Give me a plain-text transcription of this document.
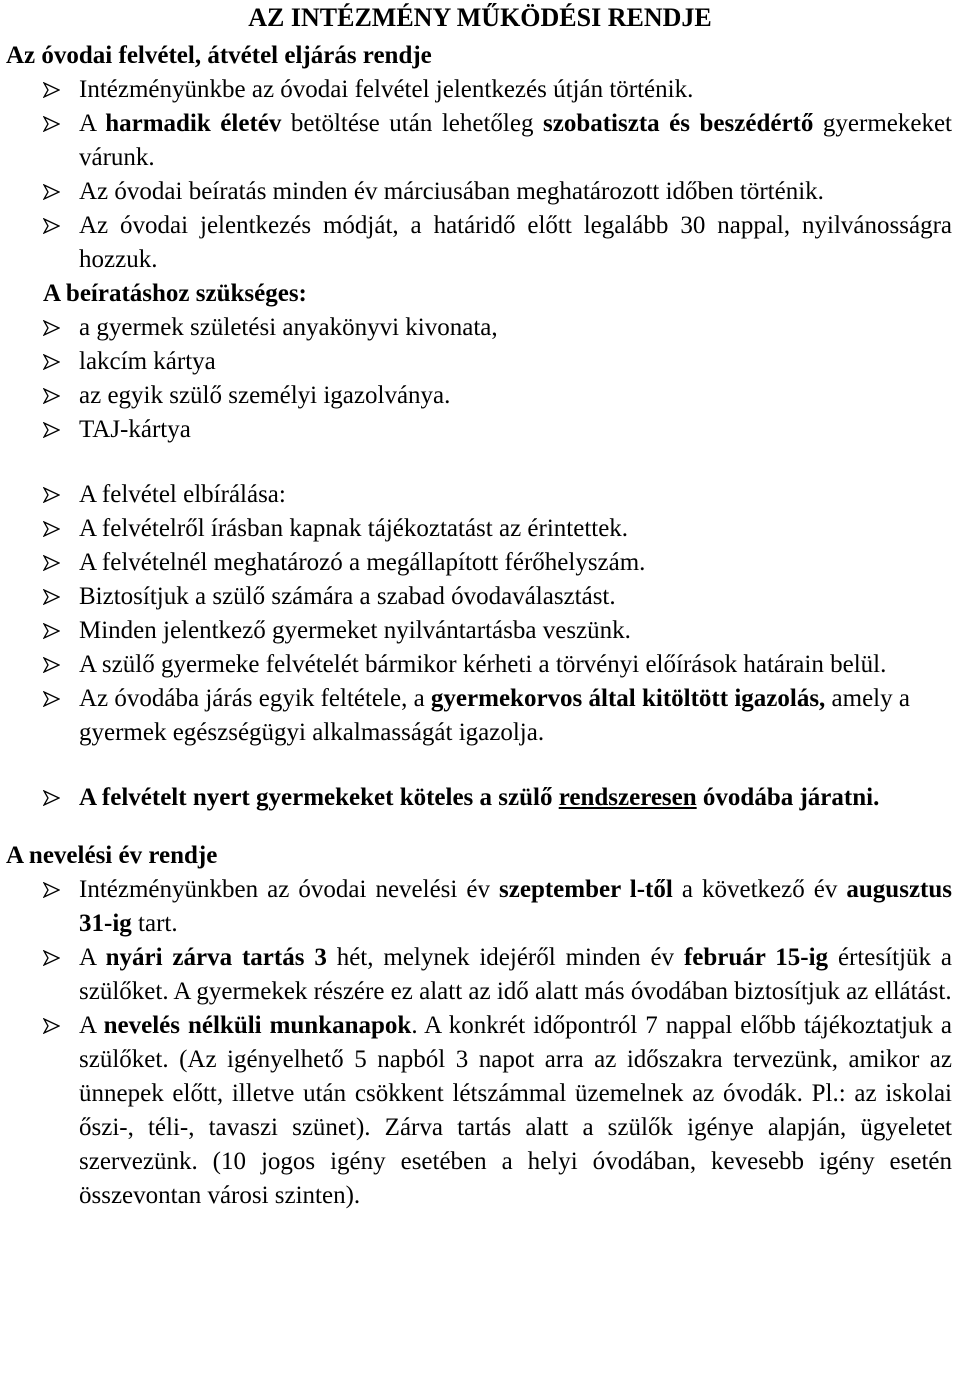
AZ INTÉZMÉNY MŰKÖDÉSI RENDJE

Az óvodai felvétel, átvétel eljárás rendje

Intézményünkbe az óvodai felvétel jelentkezés útján történik.
A harmadik életév betöltése után lehetőleg szobatiszta és beszédértő gyermekeket várunk.
Az óvodai beíratás minden év márciusában meghatározott időben történik.
Az óvodai jelentkezés módját, a határidő előtt legalább 30 nappal, nyilvánosságra hozzuk.

A beíratáshoz szükséges:

a gyermek születési anyakönyvi kivonata,
lakcím kártya
az egyik szülő személyi igazolványa.
TAJ-kártya
A felvétel elbírálása:
A felvételről írásban kapnak tájékoztatást az érintettek.
A felvételnél meghatározó a megállapított férőhelyszám.
Biztosítjuk a szülő számára a szabad óvodaválasztást.
Minden jelentkező gyermeket nyilvántartásba veszünk.
A szülő gyermeke felvételét bármikor kérheti a törvényi előírások határain belül.
Az óvodába járás egyik feltétele, a gyermekorvos által kitöltött igazolás, amely a gyermek egészségügyi alkalmasságát igazolja.
A felvételt nyert gyermekeket köteles a szülő rendszeresen óvodába járatni.

A nevelési év rendje

Intézményünkben az óvodai nevelési év szeptember l-től a következő év augusztus 31-ig tart.
A nyári zárva tartás 3 hét, melynek idejéről minden év február 15-ig értesítjük a szülőket. A gyermekek részére ez alatt az idő alatt más óvodában biztosítjuk az ellátást.
A nevelés nélküli munkanapok. A konkrét időpontról 7 nappal előbb tájékoztatjuk a szülőket. (Az igényelhető 5 napból 3 napot arra az időszakra tervezünk, amikor az ünnepek előtt, illetve után csökkent létszámmal üzemelnek az óvodák. Pl.: az iskolai őszi-, téli-, tavaszi szünet). Zárva tartás alatt a szülők igénye alapján, ügyeletet szervezünk. (10 jogos igény esetében a helyi óvodában, kevesebb igény esetén összevontan városi szinten).
